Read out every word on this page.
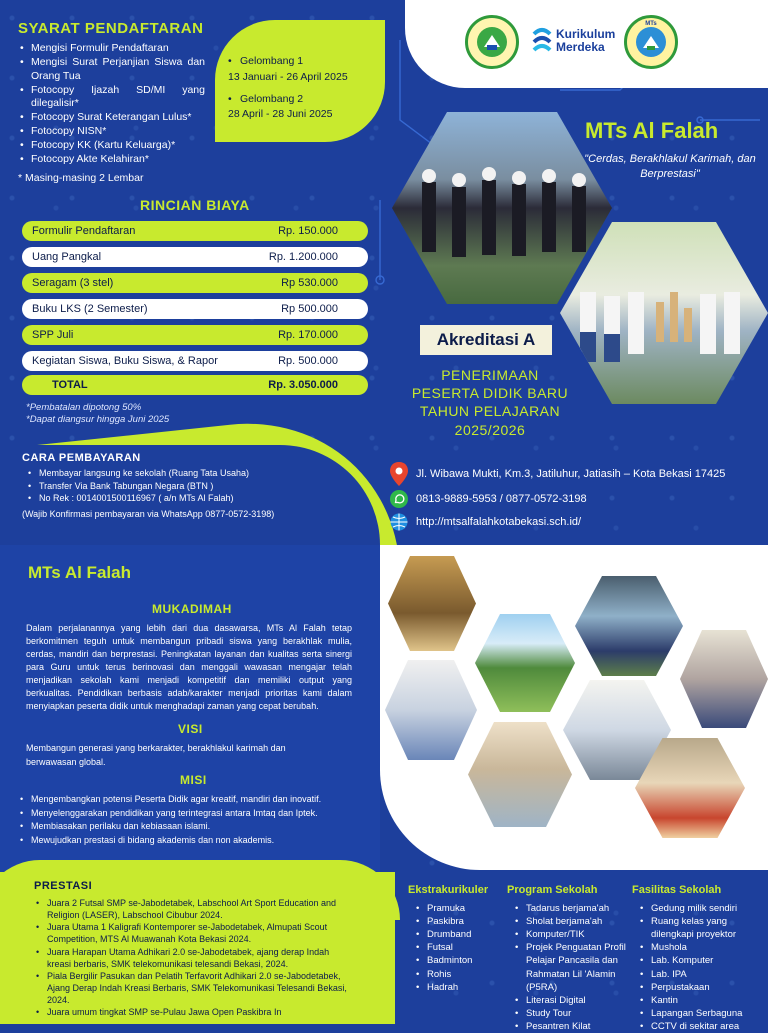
SYARAT PENDAFTARAN
• Mengisi Formulir Pendaftaran
• Mengisi Surat Perjanjian Siswa dan Orang Tua
• Fotocopy Ijazah SD/MI yang dilegalisir*
• Fotocopy Surat Keterangan Lulus*
• Fotocopy NISN*
• Fotocopy KK (Kartu Keluarga)*
• Fotocopy Akte Kelahiran*
* Masing-masing 2 Lembar
• Gelombang 1
13 Januari - 26 April 2025
• Gelombang 2
28 April - 28 Juni 2025
RINCIAN BIAYA
Formulir Pendaftaran	Rp. 150.000
Uang Pangkal	Rp. 1.200.000
Seragam (3 stel)	Rp 530.000
Buku LKS (2 Semester)	Rp 500.000
SPP Juli	Rp. 170.000
Kegiatan Siswa, Buku Siswa, & Rapor	Rp. 500.000
TOTAL	Rp. 3.050.000
*Pembatalan dipotong 50%
*Dapat diangsur hingga Juni 2025
CARA PEMBAYARAN
• Membayar langsung ke sekolah (Ruang Tata Usaha)
• Transfer Via Bank Tabungan Negara (BTN )
• No Rek : 0014001500116967 ( a/n MTs Al Falah)
(Wajib Konfirmasi pembayaran via WhatsApp 0877-0572-3198)
Kurikulum
Merdeka
MTs
MTs Al Falah
"Cerdas, Berakhlakul Karimah, dan Berprestasi"
Akreditasi A
PENERIMAAN
PESERTA DIDIK BARU
TAHUN PELAJARAN
2025/2026
Jl. Wibawa Mukti, Km.3, Jatiluhur, Jatiasih – Kota Bekasi 17425
0813-9889-5953 / 0877-0572-3198
http://mtsalfalahkotabekasi.sch.id/
MTs Al Falah
MUKADIMAH
Dalam perjalanannya yang lebih dari dua dasawarsa, MTs Al Falah tetap berkomitmen teguh untuk membangun pribadi siswa yang berakhlak mulia, cerdas, mandiri dan berprestasi. Peningkatan layanan dan kualitas serta sinergi para Guru untuk terus berinovasi dan menggali wawasan mengajar telah menjadikan sekolah kami menjadi kompetitif dan memiliki output yang berkualitas. Pendidikan berbasis adab/karakter menjadi prioritas kami dalam menyiapkan peserta didik untuk menghadapi zaman yang cepat berubah.
VISI
Membangun generasi yang berkarakter, berakhlakul karimah dan berwawasan global.
MISI
• Mengembangkan potensi Peserta Didik agar kreatif, mandiri dan inovatif.
• Menyelenggarakan pendidikan yang terintegrasi antara Imtaq dan Iptek.
• Membiasakan perilaku dan kebiasaan islami.
• Mewujudkan prestasi di bidang akademis dan non akademis.
PRESTASI
• Juara 2 Futsal SMP se-Jabodetabek, Labschool Art Sport Education and Religion (LASER), Labschool Cibubur 2024.
• Juara Utama 1 Kaligrafi Kontemporer se-Jabodetabek, Almupati Scout Competition, MTS Al Muawanah Kota Bekasi 2024.
• Juara Harapan Utama Adhikari 2.0 se-Jabodetabek, ajang derap Indah kreasi berbaris, SMK telekomunikasi telesandi Bekasi, 2024.
• Piala Bergilir Pasukan dan Pelatih Terfavorit Adhikari 2.0 se-Jabodetabek, Ajang Derap Indah Kreasi Berbaris, SMK Telekomunikasi Telesandi Bekasi, 2024.
• Juara umum tingkat SMP se-Pulau Jawa Open Paskibra In
Ekstrakurikuler
• Pramuka
• Paskibra
• Drumband
• Futsal
• Badminton
• Rohis
• Hadrah
Program Sekolah
• Tadarus berjama'ah
• Sholat berjama'ah
• Komputer/TIK
• Projek Penguatan Profil Pelajar Pancasila dan Rahmatan Lil 'Alamin (P5RA)
• Literasi Digital
• Study Tour
• Pesantren Kilat
Fasilitas Sekolah
• Gedung milik sendiri
• Ruang kelas yang dilengkapi proyektor
• Mushola
• Lab. Komputer
• Lab. IPA
• Perpustakaan
• Kantin
• Lapangan Serbaguna
• CCTV di sekitar area
